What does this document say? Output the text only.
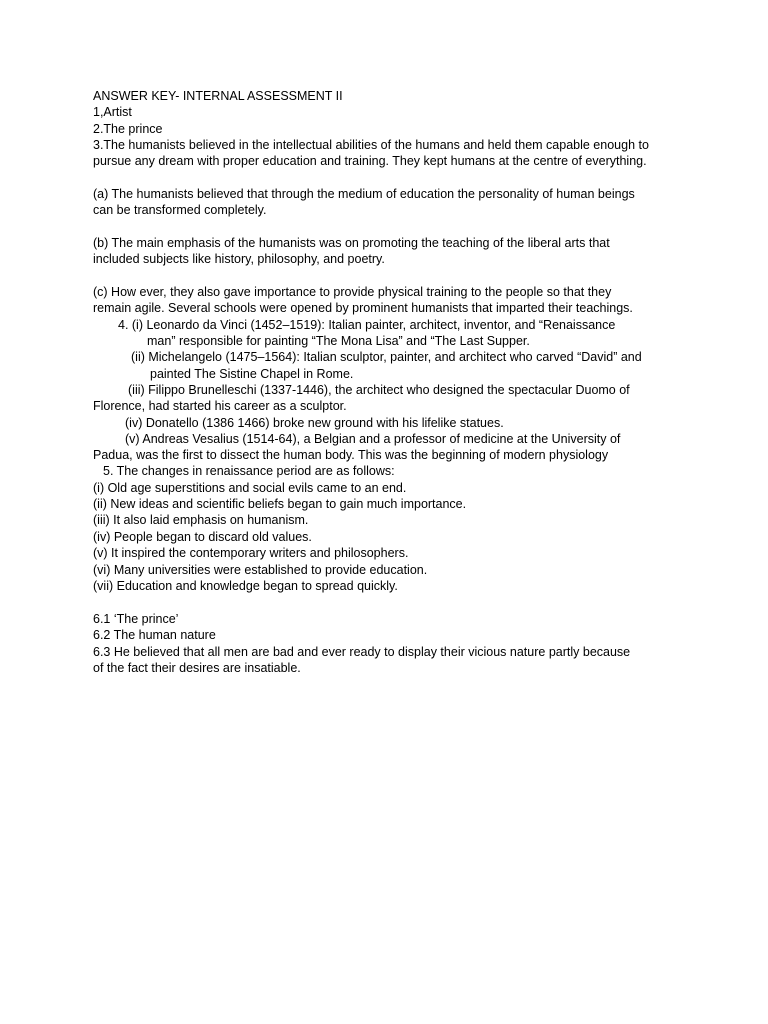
ANSWER KEY- INTERNAL ASSESSMENT II
1,Artist
2.The prince
3.The humanists believed in the intellectual abilities of the humans and held them capable enough to
pursue any dream with proper education and training. They kept humans at the centre of everything.
(a) The humanists believed that through the medium of education the personality of human beings
can be transformed completely.
(b) The main emphasis of the humanists was on promoting the teaching of the liberal arts that
included subjects like history, philosophy, and poetry.
(c) How ever, they also gave importance to provide physical training to the people so that they
remain agile. Several schools were opened by prominent humanists that imparted their teachings.
4. (i) Leonardo da Vinci (1452–1519): Italian painter, architect, inventor, and “Renaissance
man” responsible for painting “The Mona Lisa” and “The Last Supper.
(ii) Michelangelo (1475–1564): Italian sculptor, painter, and architect who carved “David” and
painted The Sistine Chapel in Rome.
(iii) Filippo Brunelleschi (1337-1446), the architect who designed the spectacular Duomo of
Florence, had started his career as a sculptor.
(iv) Donatello (1386 1466) broke new ground with his lifelike statues.
(v) Andreas Vesalius (1514-64), a Belgian and a professor of medicine at the University of
Padua, was the first to dissect the human body. This was the beginning of modern physiology
5. The changes in renaissance period are as follows:
(i) Old age superstitions and social evils came to an end.
(ii) New ideas and scientific beliefs began to gain much importance.
(iii) It also laid emphasis on humanism.
(iv) People began to discard old values.
(v) It inspired the contemporary writers and philosophers.
(vi) Many universities were established to provide education.
(vii) Education and knowledge began to spread quickly.
6.1 ‘The prince’
6.2 The human nature
6.3 He believed that all men are bad and ever ready to display their vicious nature partly because
of the fact their desires are insatiable.
